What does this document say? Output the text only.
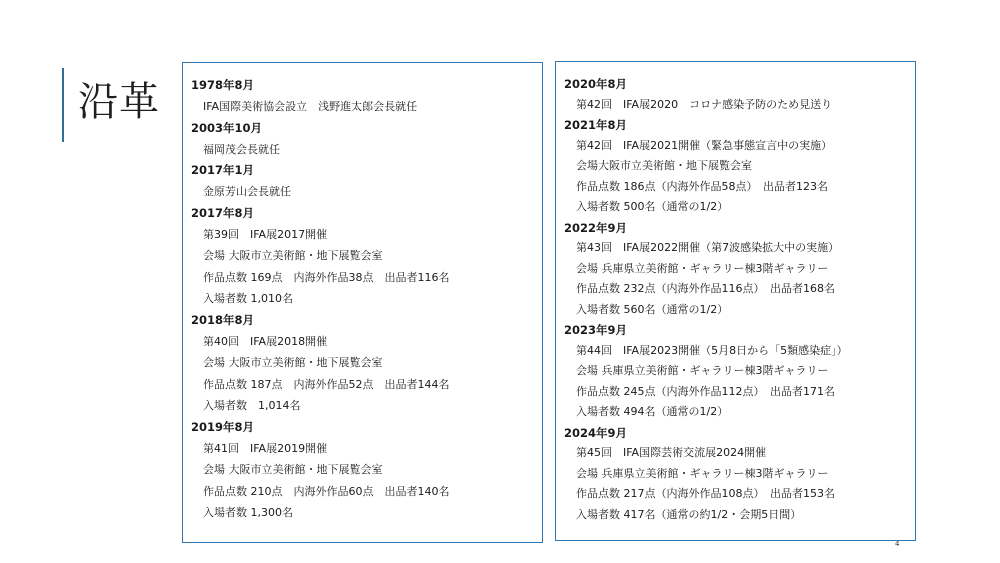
沿革	1978年8月
IFA国際美術協会設立　浅野進太郎会長就任
2003年10月
福岡茂会長就任
2017年1月
金原芳山会長就任
2017年8月
第39回　IFA展2017開催
会場 大阪市立美術館・地下展覧会室
作品点数 169点　内海外作品38点　出品者116名
入場者数 1,010名
2018年8月
第40回　IFA展2018開催
会場 大阪市立美術館・地下展覧会室
作品点数 187点　内海外作品52点　出品者144名
入場者数　1,014名
2019年8月
第41回　IFA展2019開催
会場 大阪市立美術館・地下展覧会室
作品点数 210点　内海外作品60点　出品者140名
入場者数 1,300名
2020年8月
第42回　IFA展2020　コロナ感染予防のため見送り
2021年8月
第42回　IFA展2021開催（緊急事態宣言中の実施）
会場大阪市立美術館・地下展覧会室
作品点数 186点（内海外作品58点）　出品者123名
入場者数 500名（通常の1/2）
2022年9月
第43回　IFA展2022開催（第7波感染拡大中の実施）
会場 兵庫県立美術館・ギャラリー棟3階ギャラリー
作品点数 232点（内海外作品116点）　出品者168名
入場者数 560名（通常の1/2）
2023年9月
第44回　IFA展2023開催（5月8日から「5類感染症」）
会場 兵庫県立美術館・ギャラリー棟3階ギャラリー
作品点数 245点（内海外作品112点）　出品者171名
入場者数 494名（通常の1/2）
2024年9月
第45回　IFA国際芸術交流展2024開催
会場 兵庫県立美術館・ギャラリー棟3階ギャラリー
作品点数 217点（内海外作品108点）　出品者153名
入場者数 417名（通常の約1/2・会期5日間）
4
